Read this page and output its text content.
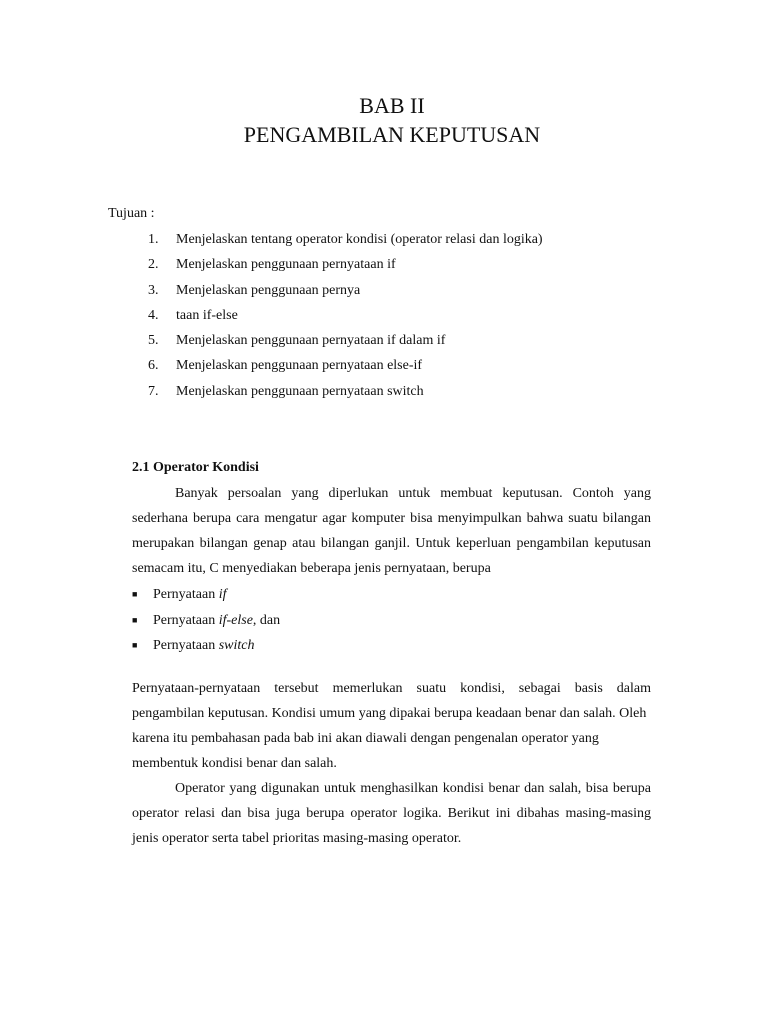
BAB II
PENGAMBILAN KEPUTUSAN
Tujuan :
1.	Menjelaskan tentang operator kondisi (operator relasi dan logika)
2.	Menjelaskan penggunaan pernyataan if
3.	Menjelaskan penggunaan pernya
4.	taan if-else
5.	Menjelaskan penggunaan pernyataan if dalam if
6.	Menjelaskan penggunaan pernyataan else-if
7.	Menjelaskan penggunaan pernyataan switch
2.1 Operator Kondisi

Banyak persoalan yang diperlukan untuk membuat keputusan. Contoh yang sederhana berupa cara mengatur agar komputer bisa menyimpulkan bahwa suatu bilangan merupakan bilangan genap atau bilangan ganjil. Untuk keperluan pengambilan keputusan semacam itu, C menyediakan beberapa jenis pernyataan, berupa

■	Pernyataan if
■	Pernyataan if-else, dan
■	Pernyataan switch
Pernyataan-pernyataan tersebut memerlukan suatu kondisi, sebagai basis dalam
pengambilan keputusan. Kondisi umum yang dipakai berupa keadaan benar dan salah. Oleh karena itu pembahasan pada bab ini akan diawali dengan pengenalan operator yang membentuk kondisi benar dan salah.

Operator yang digunakan untuk menghasilkan kondisi benar dan salah, bisa berupa operator relasi dan bisa juga berupa operator logika. Berikut ini dibahas masing-masing jenis operator serta tabel prioritas masing-masing operator.
